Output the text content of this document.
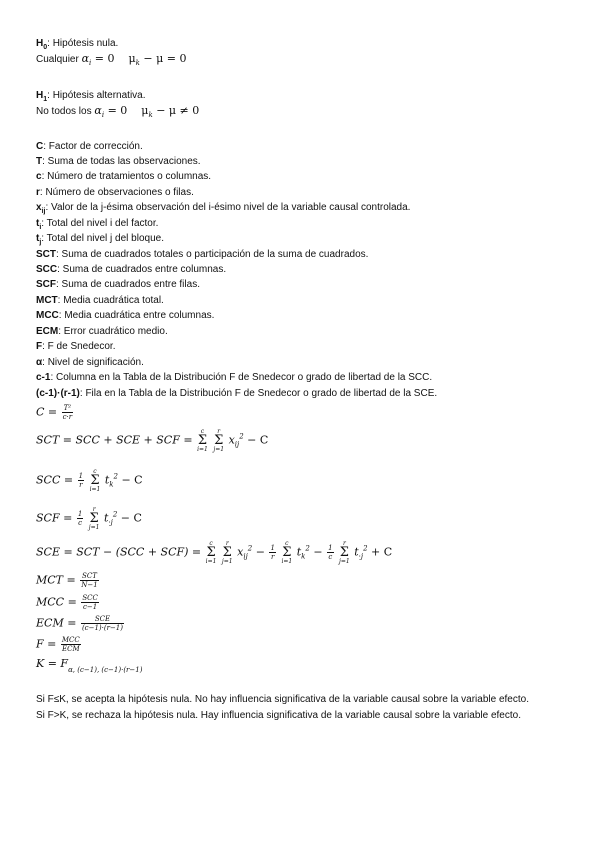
$H_0$: Hipótesis nula.
Cualquier $\alpha_i = 0$ $\mu_k - \mu = 0$
$H_1$: Hipótesis alternativa.
No todos los $\alpha_i = 0$ $\mu_k - \mu \ne 0$
C: Factor de corrección.
T: Suma de todas las observaciones.
c: Número de tratamientos o columnas.
r: Número de observaciones o filas.
$x_{ij}$: Valor de la j-ésima observación del i-ésimo nivel de la variable causal controlada.
$t_i$: Total del nivel i del factor.
$t_j$: Total del nivel j del bloque.
SCT: Suma de cuadrados totales o participación de la suma de cuadrados.
SCC: Suma de cuadrados entre columnas.
SCF: Suma de cuadrados entre filas.
MCT: Media cuadrática total.
MCC: Media cuadrática entre columnas.
ECM: Error cuadrático medio.
F: F de Snedecor.
α: Nivel de significación.
c-1: Columna en la Tabla de la Distribución F de Snedecor o grado de libertad de la SCC.
(c-1)·(r-1): Fila en la Tabla de la Distribución F de Snedecor o grado de libertad de la SCE.
$C = \frac{\text{T²}}{c\cdot r}$
SCT = SCC + SCE + SCF =
c
Σ
i=1

r
Σ
j=1
$x_{ij}^2 - C$
SCC = $\frac{1}{r}$

c
Σ
i=1
$t_k^2 - C$
SCF = $\frac{1}{c}$

r
Σ
j=1
$t_{\cdot j}^2 - C$
SCE = SCT − (SCC + SCF) =
c
Σ
i=1

r
Σ
j=1
$x_{ij}^2 - \frac{1}{r}$

c
Σ
i=1
$t_k^2 - \frac{1}{c}$

r
Σ
j=1
$t_{\cdot j}^2 + C$
MCT = $\frac{\text{SCT}}{N-1}$
MCC = $\frac{\text{SCC}}{c-1}$
ECM = $\frac{\text{SCE}}{(c-1)\cdot(r-1)}$
$F = \frac{\text{MCC}}{\text{ECM}}$
$K = F_{\alpha, (c-1), (c-1)\cdot(r-1)}$
Si F≤K, se acepta la hipótesis nula. No hay influencia significativa de la variable causal sobre la variable efecto.
Si F>K, se rechaza la hipótesis nula. Hay influencia significativa de la variable causal sobre la variable efecto.
